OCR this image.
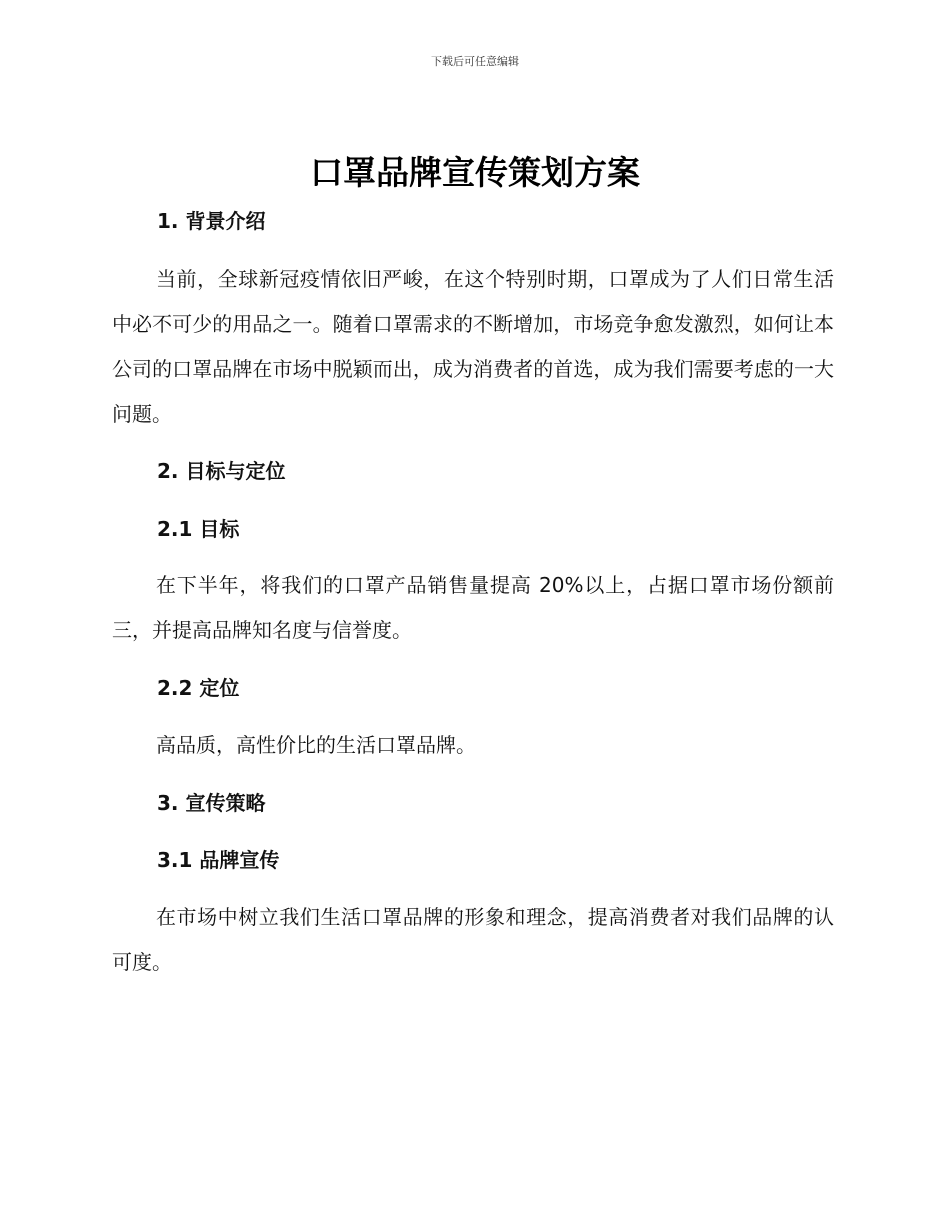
下载后可任意编辑
口罩品牌宣传策划方案
1. 背景介绍

当前，全球新冠疫情依旧严峻，在这个特别时期，口罩成为了人们日常生活中必不可少的用品之一。随着口罩需求的不断增加，市场竞争愈发激烈，如何让本公司的口罩品牌在市场中脱颖而出，成为消费者的首选，成为我们需要考虑的一大问题。

2. 目标与定位
2.1 目标

在下半年，将我们的口罩产品销售量提高 20%以上，占据口罩市场份额前三，并提高品牌知名度与信誉度。

2.2 定位

高品质，高性价比的生活口罩品牌。

3. 宣传策略
3.1 品牌宣传

在市场中树立我们生活口罩品牌的形象和理念，提高消费者对我们品牌的认可度。
